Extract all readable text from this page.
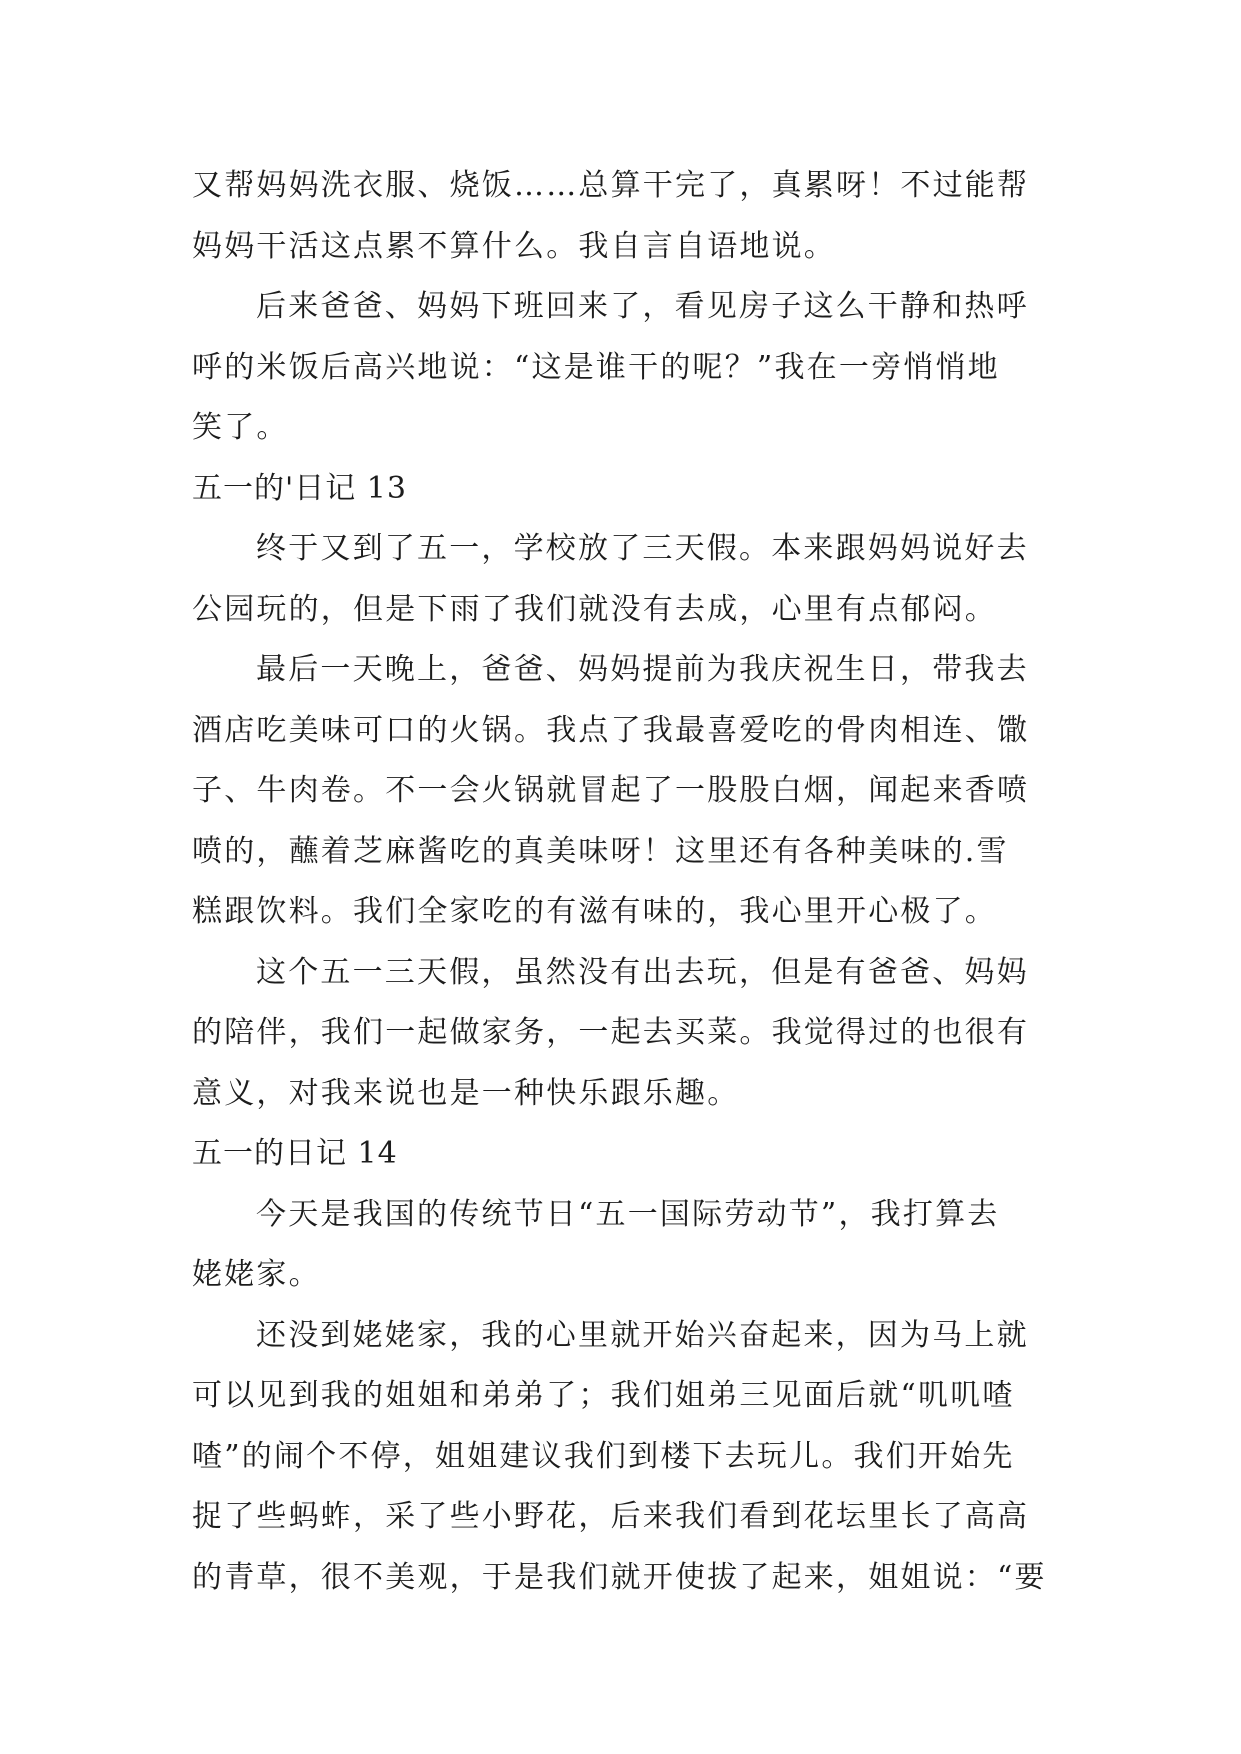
又帮妈妈洗衣服、烧饭……总算干完了，真累呀！不过能帮
妈妈干活这点累不算什么。我自言自语地说。
后来爸爸、妈妈下班回来了，看见房子这么干静和热呼
呼的米饭后高兴地说：“这是谁干的呢？”我在一旁悄悄地
笑了。
五一的'日记 13
终于又到了五一，学校放了三天假。本来跟妈妈说好去
公园玩的，但是下雨了我们就没有去成，心里有点郁闷。
最后一天晚上，爸爸、妈妈提前为我庆祝生日，带我去
酒店吃美味可口的火锅。我点了我最喜爱吃的骨肉相连、馓
子、牛肉卷。不一会火锅就冒起了一股股白烟，闻起来香喷
喷的，蘸着芝麻酱吃的真美味呀！这里还有各种美味的.雪
糕跟饮料。我们全家吃的有滋有味的，我心里开心极了。
这个五一三天假，虽然没有出去玩，但是有爸爸、妈妈
的陪伴，我们一起做家务，一起去买菜。我觉得过的也很有
意义，对我来说也是一种快乐跟乐趣。
五一的日记 14
今天是我国的传统节日“五一国际劳动节”，我打算去
姥姥家。
还没到姥姥家，我的心里就开始兴奋起来，因为马上就
可以见到我的姐姐和弟弟了；我们姐弟三见面后就“叽叽喳
喳”的闹个不停，姐姐建议我们到楼下去玩儿。我们开始先
捉了些蚂蚱，采了些小野花，后来我们看到花坛里长了高高
的青草，很不美观，于是我们就开使拔了起来，姐姐说：“要
